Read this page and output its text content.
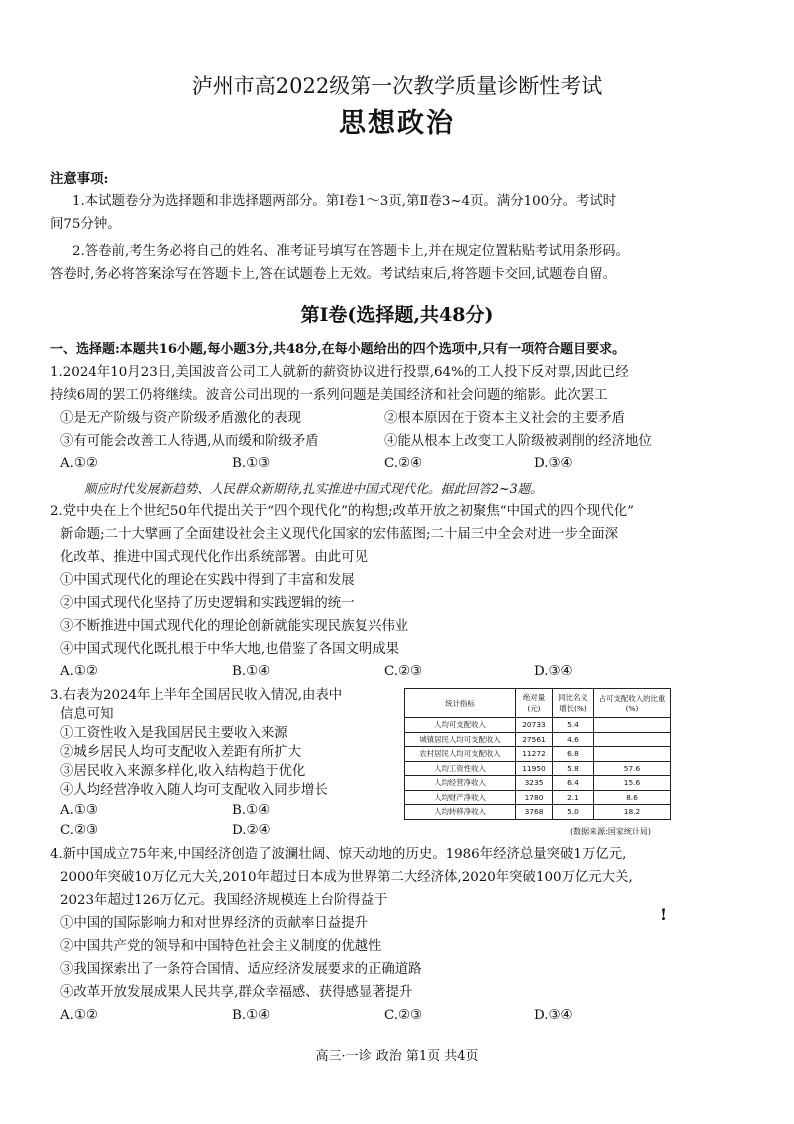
泸州市高2022级第一次教学质量诊断性考试
思想政治
注意事项:
1.本试题卷分为选择题和非选择题两部分。第Ⅰ卷1～3页,第Ⅱ卷3~4页。满分100分。考试时
间75分钟。
2.答卷前,考生务必将自己的姓名、准考证号填写在答题卡上,并在规定位置粘贴考试用条形码。
答卷时,务必将答案涂写在答题卡上,答在试题卷上无效。考试结束后,将答题卡交回,试题卷自留。
第Ⅰ卷(选择题,共48分)
一、选择题:本题共16小题,每小题3分,共48分,在每小题给出的四个选项中,只有一项符合题目要求。
1.2024年10月23日,美国波音公司工人就新的薪资协议进行投票,64%的工人投下反对票,因此已经
持续6周的罢工仍将继续。波音公司出现的一系列问题是美国经济和社会问题的缩影。此次罢工
①是无产阶级与资产阶级矛盾激化的表现	②根本原因在于资本主义社会的主要矛盾
③有可能会改善工人待遇,从而缓和阶级矛盾	④能从根本上改变工人阶级被剥削的经济地位
A.①②	B.①③	C.②④	D.③④
顺应时代发展新趋势、人民群众新期待,扎实推进中国式现代化。据此回答2~3题。
2.党中央在上个世纪50年代提出关于“四个现代化”的构想;改革开放之初聚焦“中国式的四个现代化”
新命题;二十大擘画了全面建设社会主义现代化国家的宏伟蓝图;二十届三中全会对进一步全面深
化改革、推进中国式现代化作出系统部署。由此可见
①中国式现代化的理论在实践中得到了丰富和发展
②中国式现代化坚持了历史逻辑和实践逻辑的统一
③不断推进中国式现代化的理论创新就能实现民族复兴伟业
④中国式现代化既扎根于中华大地,也借鉴了各国文明成果
A.①②	B.①④	C.②③	D.③④
3.右表为2024年上半年全国居民收入情况,由表中
信息可知
①工资性收入是我国居民主要收入来源
②城乡居民人均可支配收入差距有所扩大
③居民收入来源多样化,收入结构趋于优化
④人均经营净收入随人均可支配收入同步增长
A.①③	B.①④
C.②③	D.②④
统计指标	绝对量(元)	同比名义增长(%)	占可支配收入的比重(%)
人均可支配收入	20733	5.4	
城镇居民人均可支配收入	27561	4.6	
农村居民人均可支配收入	11272	6.8	
人均工资性收入	11950	5.8	57.6
人均经营净收入	3235	6.4	15.6
人均财产净收入	1780	2.1	8.6
人均转移净收入	3768	5.0	18.2
(数据来源:国家统计局)
4.新中国成立75年来,中国经济创造了波澜壮阔、惊天动地的历史。1986年经济总量突破1万亿元,
2000年突破10万亿元大关,2010年超过日本成为世界第二大经济体,2020年突破100万亿元大关,
2023年超过126万亿元。我国经济规模连上台阶得益于
①中国的国际影响力和对世界经济的贡献率日益提升
②中国共产党的领导和中国特色社会主义制度的优越性
③我国探索出了一条符合国情、适应经济发展要求的正确道路
④改革开放发展成果人民共享,群众幸福感、获得感显著提升
A.①②	B.①④	C.②③	D.③④
!
高三·一诊 政治 第1页 共4页
